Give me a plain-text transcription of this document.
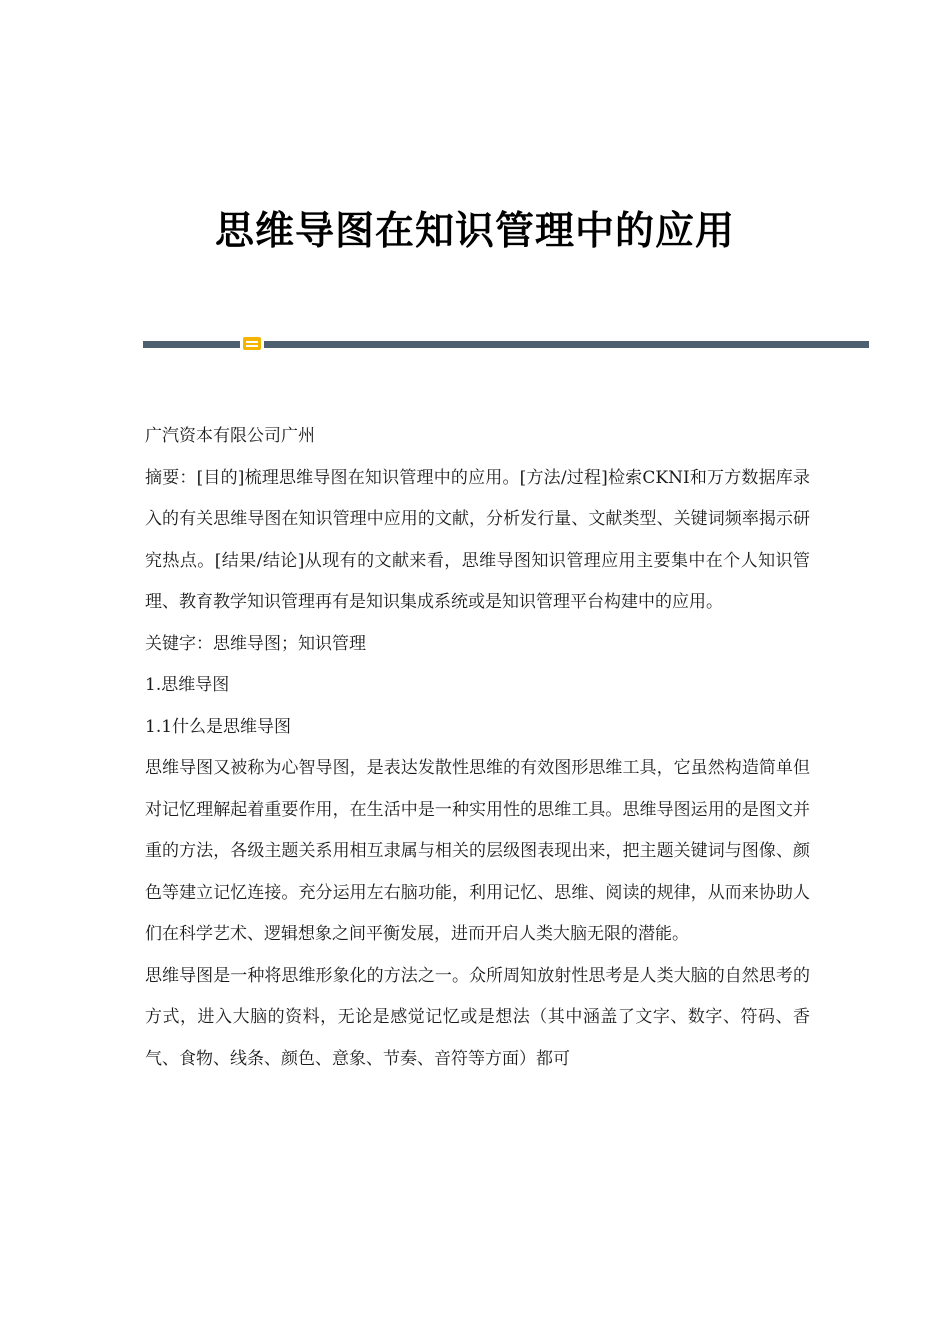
思维导图在知识管理中的应用

广汽资本有限公司广州

摘要：[目的]梳理思维导图在知识管理中的应用。[方法/过程]检索CKNI和万方数据库录入的有关思维导图在知识管理中应用的文献，分析发行量、文献类型、关键词频率揭示研究热点。[结果/结论]从现有的文献来看，思维导图知识管理应用主要集中在个人知识管理、教育教学知识管理再有是知识集成系统或是知识管理平台构建中的应用。

关键字：思维导图；知识管理

1.思维导图

1.1什么是思维导图

思维导图又被称为心智导图，是表达发散性思维的有效图形思维工具，它虽然构造简单但对记忆理解起着重要作用，在生活中是一种实用性的思维工具。思维导图运用的是图文并重的方法，各级主题关系用相互隶属与相关的层级图表现出来，把主题关键词与图像、颜色等建立记忆连接。充分运用左右脑功能，利用记忆、思维、阅读的规律，从而来协助人们在科学艺术、逻辑想象之间平衡发展，进而开启人类大脑无限的潜能。

思维导图是一种将思维形象化的方法之一。众所周知放射性思考是人类大脑的自然思考的方式，进入大脑的资料，无论是感觉记忆或是想法（其中涵盖了文字、数字、符码、香气、食物、线条、颜色、意象、节奏、音符等方面）都可
